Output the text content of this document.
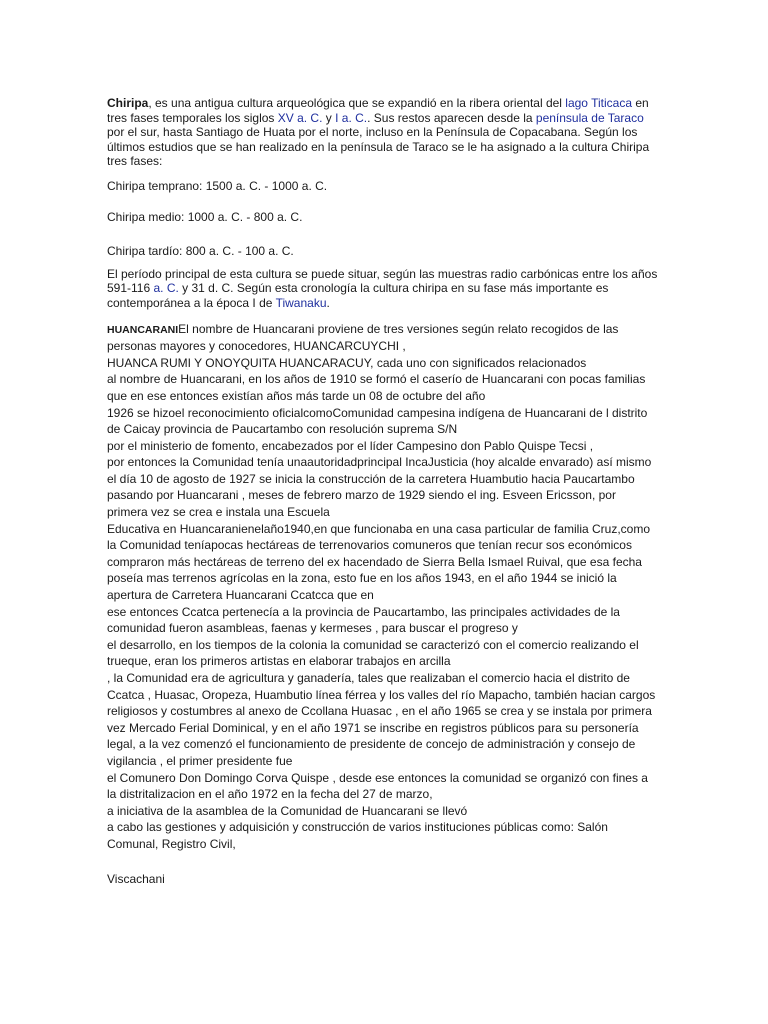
Chiripa, es una antigua cultura arqueológica que se expandió en la ribera oriental del lago Titicaca en tres fases temporales los siglos XV a. C. y I a. C.. Sus restos aparecen desde la península de Taraco por el sur, hasta Santiago de Huata por el norte, incluso en la Península de Copacabana. Según los últimos estudios que se han realizado en la península de Taraco se le ha asignado a la cultura Chiripa tres fases:

Chiripa temprano: 1500 a. C. - 1000 a. C.

Chiripa medio: 1000 a. C. - 800 a. C.

Chiripa tardío: 800 a. C. - 100 a. C.

El período principal de esta cultura se puede situar, según las muestras radio carbónicas entre los años 591-116 a. C. y 31 d. C. Según esta cronología la cultura chiripa en su fase más importante es contemporánea a la época I de Tiwanaku.

HUANCARANIEl nombre de Huancarani proviene de tres versiones según relato recogidos de las personas mayores y conocedores, HUANCARCUYCHI ,
HUANCA RUMI Y ONOYQUITA HUANCARACUY, cada uno con significados relacionados
al nombre de Huancarani, en los años de 1910 se formó el caserío de Huancarani con pocas familias que en ese entonces existían años más tarde un 08 de octubre del año
1926 se hizoel reconocimiento oficialcomoComunidad campesina indígena de Huancarani de l distrito de Caicay provincia de Paucartambo con resolución suprema S/N
por el ministerio de fomento, encabezados por el líder Campesino don Pablo Quispe Tecsi ,
por entonces la Comunidad tenía unaautoridadprincipal IncaJusticia (hoy alcalde envarado) así mismo el día 10 de agosto de 1927 se inicia la construcción de la carretera Huambutio hacia Paucartambo pasando por Huancarani , meses de febrero marzo de 1929 siendo el ing. Esveen Ericsson, por primera vez se crea e instala una Escuela
Educativa en Huancaranienelaño1940,en que funcionaba en una casa particular de familia Cruz,como la Comunidad teníapocas hectáreas de terrenovarios comuneros que tenían recur sos económicos compraron más hectáreas de terreno del ex hacendado de Sierra Bella Ismael Ruival, que esa fecha poseía mas terrenos agrícolas en la zona, esto fue en los años 1943, en el año 1944 se inició la apertura de Carretera Huancarani Ccatcca que en
ese entonces Ccatca pertenecía a la provincia de Paucartambo, las principales actividades de la comunidad fueron asambleas, faenas y kermeses , para buscar el progreso y
el desarrollo, en los tiempos de la colonia la comunidad se caracterizó con el comercio realizando el trueque, eran los primeros artistas en elaborar trabajos en arcilla
, la Comunidad era de agricultura y ganadería, tales que realizaban el comercio hacia el distrito de Ccatca , Huasac, Oropeza, Huambutio línea férrea y los valles del río Mapacho, también hacian cargos religiosos y costumbres al anexo de Ccollana Huasac , en el año 1965 se crea y se instala por primera vez Mercado Ferial Dominical, y en el año 1971 se inscribe en registros públicos para su personería legal, a la vez comenzó el funcionamiento de presidente de concejo de administración y consejo de vigilancia , el primer presidente fue
el Comunero Don Domingo Corva Quispe , desde ese entonces la comunidad se organizó con fines a la distritalizacion en el año 1972 en la fecha del 27 de marzo,
a iniciativa de la asamblea de la Comunidad de Huancarani se llevó
a cabo las gestiones y adquisición y construcción de varios instituciones públicas como: Salón Comunal, Registro Civil,

Viscachani
